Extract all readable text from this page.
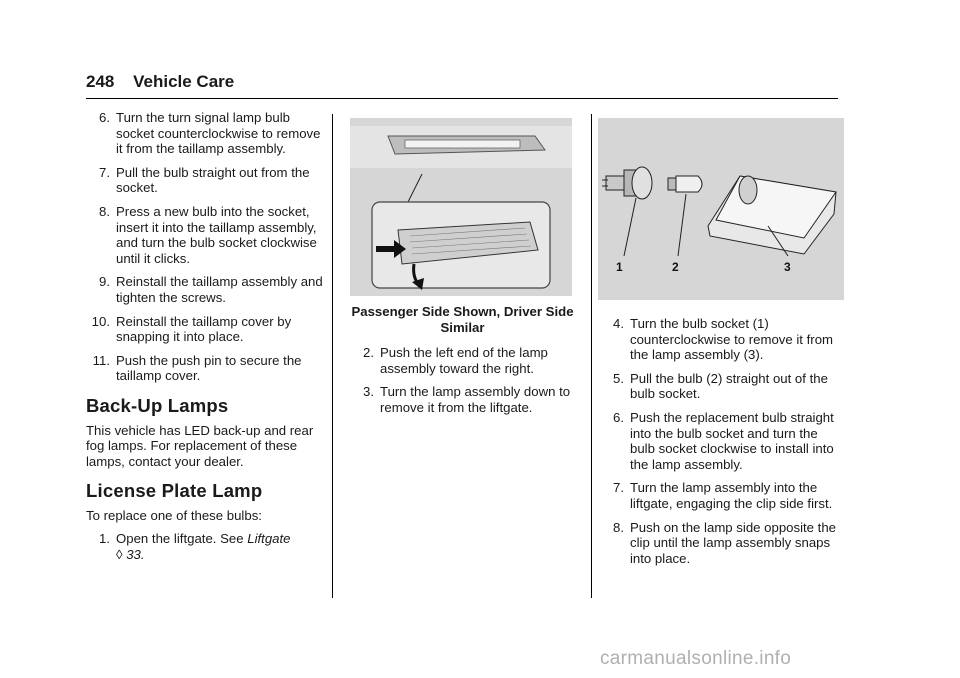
248 Vehicle Care
6. Turn the turn signal lamp bulb socket counterclockwise to remove it from the taillamp assembly.
7. Pull the bulb straight out from the socket.
8. Press a new bulb into the socket, insert it into the taillamp assembly, and turn the bulb socket clockwise until it clicks.
9. Reinstall the taillamp assembly and tighten the screws.
10. Reinstall the taillamp cover by snapping it into place.
11. Push the push pin to secure the taillamp cover.
Back-Up Lamps

This vehicle has LED back-up and rear fog lamps. For replacement of these lamps, contact your dealer.

License Plate Lamp

To replace one of these bulbs:

1. Open the liftgate. See Liftgate
◊ 33.
Passenger Side Shown, Driver Side Similar
2. Push the left end of the lamp assembly toward the right.
3. Turn the lamp assembly down to remove it from the liftgate.
1	2	3
4. Turn the bulb socket (1) counterclockwise to remove it from the lamp assembly (3).
5. Pull the bulb (2) straight out of the bulb socket.
6. Push the replacement bulb straight into the bulb socket and turn the bulb socket clockwise to install into the lamp assembly.
7. Turn the lamp assembly into the liftgate, engaging the clip side first.
8. Push on the lamp side opposite the clip until the lamp assembly snaps into place.
carmanualsonline.info
